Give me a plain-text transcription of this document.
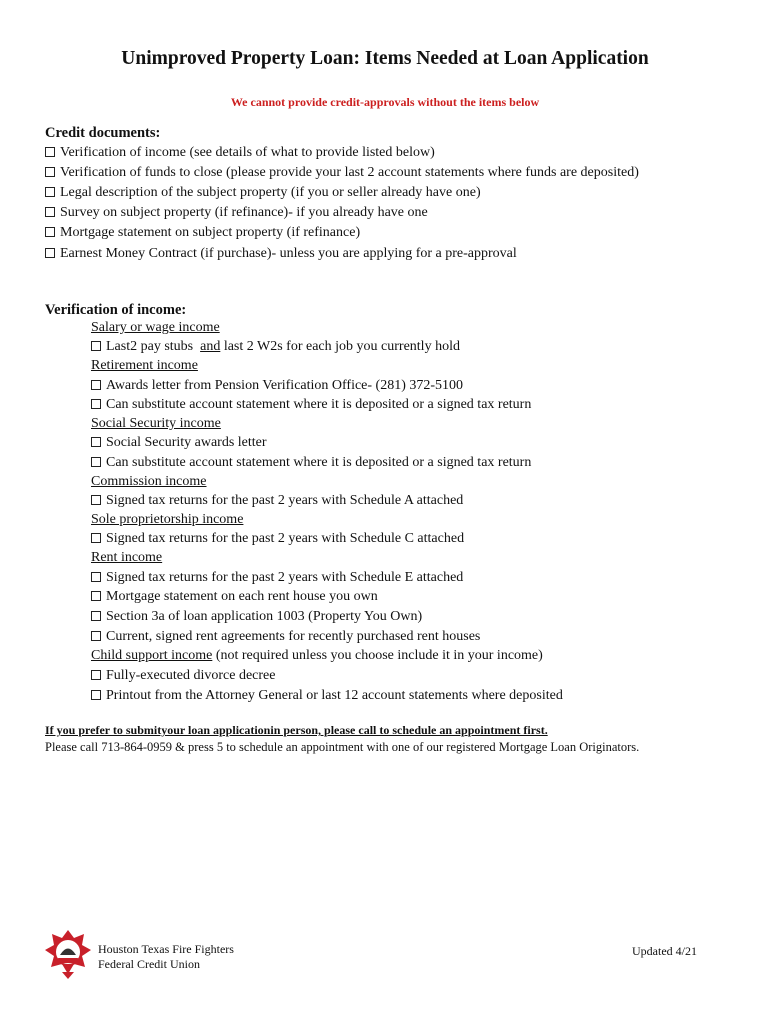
Unimproved Property Loan: Items Needed at Loan Application
We cannot provide credit-approvals without the items below
Credit documents:
Verification of income (see details of what to provide listed below)
Verification of funds to close (please provide your last 2 account statements where funds are deposited)
Legal description of the subject property (if you or seller already have one)
Survey on subject property (if refinance)- if you already have one
Mortgage statement on subject property (if refinance)
Earnest Money Contract (if purchase)- unless you are applying for a pre-approval
Verification of income:
Salary or wage income
Last2 pay stubs and last 2 W2s for each job you currently hold
Retirement income
Awards letter from Pension Verification Office- (281) 372-5100
Can substitute account statement where it is deposited or a signed tax return
Social Security income
Social Security awards letter
Can substitute account statement where it is deposited or a signed tax return
Commission income
Signed tax returns for the past 2 years with Schedule A attached
Sole proprietorship income
Signed tax returns for the past 2 years with Schedule C attached
Rent income
Signed tax returns for the past 2 years with Schedule E attached
Mortgage statement on each rent house you own
Section 3a of loan application 1003 (Property You Own)
Current, signed rent agreements for recently purchased rent houses
Child support income (not required unless you choose include it in your income)
Fully-executed divorce decree
Printout from the Attorney General or last 12 account statements where deposited
If you prefer to submityour loan applicationin person, please call to schedule an appointment first.
Please call 713-864-0959 & press 5 to schedule an appointment with one of our registered Mortgage Loan Originators.
Houston Texas Fire Fighters
Federal Credit Union
Updated 4/21
